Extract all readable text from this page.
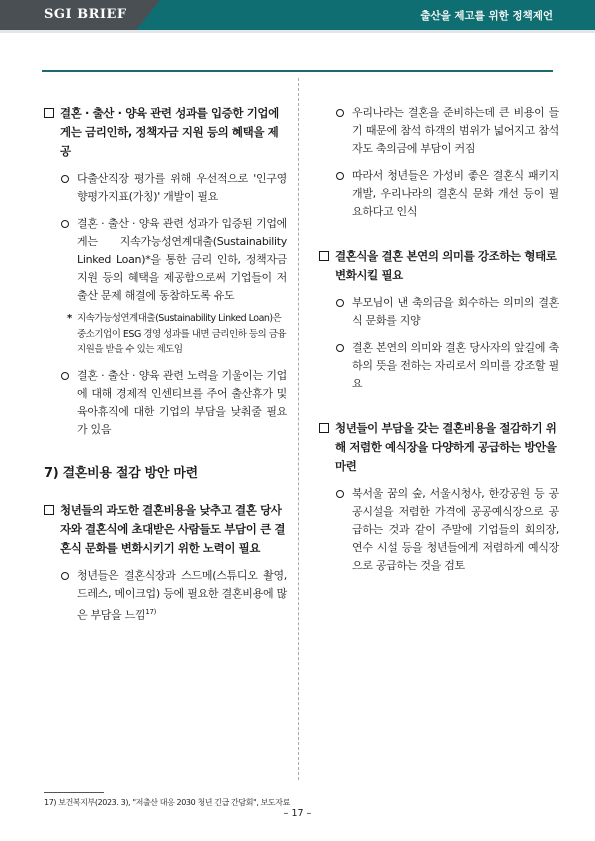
SGI BRIEF	출산을 제고를 위한 정책제언
결혼 · 출산 · 양육 관련 성과를 입증한 기업에게는 금리인하, 정책자금 지원 등의 혜택을 제공
다출산직장 평가를 위해 우선적으로 '인구영향평가지표(가칭)' 개발이 필요
결혼 · 출산 · 양육 관련 성과가 입증된 기업에게는 지속가능성연계대출(Sustainability Linked Loan)*을 통한 금리 인하, 정책자금 지원 등의 혜택을 제공함으로써 기업들이 저출산 문제 해결에 동참하도록 유도
* 지속가능성연계대출(Sustainability Linked Loan)은 중소기업이 ESG 경영 성과를 내면 금리인하 등의 금융지원을 받을 수 있는 제도임
결혼 · 출산 · 양육 관련 노력을 기울이는 기업에 대해 경제적 인센티브를 주어 출산휴가 및 육아휴직에 대한 기업의 부담을 낮춰줄 필요가 있음
7) 결혼비용 절감 방안 마련
청년들의 과도한 결혼비용을 낮추고 결혼 당사자와 결혼식에 초대받은 사람들도 부담이 큰 결혼식 문화를 변화시키기 위한 노력이 필요
청년들은 결혼식장과 스드메(스튜디오 촬영, 드레스, 메이크업) 등에 필요한 결혼비용에 많은 부담을 느낌$^{17)}$
우리나라는 결혼을 준비하는데 큰 비용이 들기 때문에 참석 하객의 범위가 넓어지고 참석자도 축의금에 부담이 커짐
따라서 청년들은 가성비 좋은 결혼식 패키지 개발, 우리나라의 결혼식 문화 개선 등이 필요하다고 인식
결혼식을 결혼 본연의 의미를 강조하는 형태로 변화시킬 필요
부모님이 낸 축의금을 회수하는 의미의 결혼식 문화를 지양
결혼 본연의 의미와 결혼 당사자의 앞길에 축하의 뜻을 전하는 자리로서 의미를 강조할 필요
청년들이 부담을 갖는 결혼비용을 절감하기 위해 저렴한 예식장을 다양하게 공급하는 방안을 마련
북서울 꿈의 숲, 서울시청사, 한강공원 등 공공시설을 저렴한 가격에 공공예식장으로 공급하는 것과 같이 주말에 기업들의 회의장, 연수 시설 등을 청년들에게 저렴하게 예식장으로 공급하는 것을 검토
17) 보건복지부(2023. 3), "저출산 대응 2030 청년 긴급 간담회", 보도자료
– 17 –
